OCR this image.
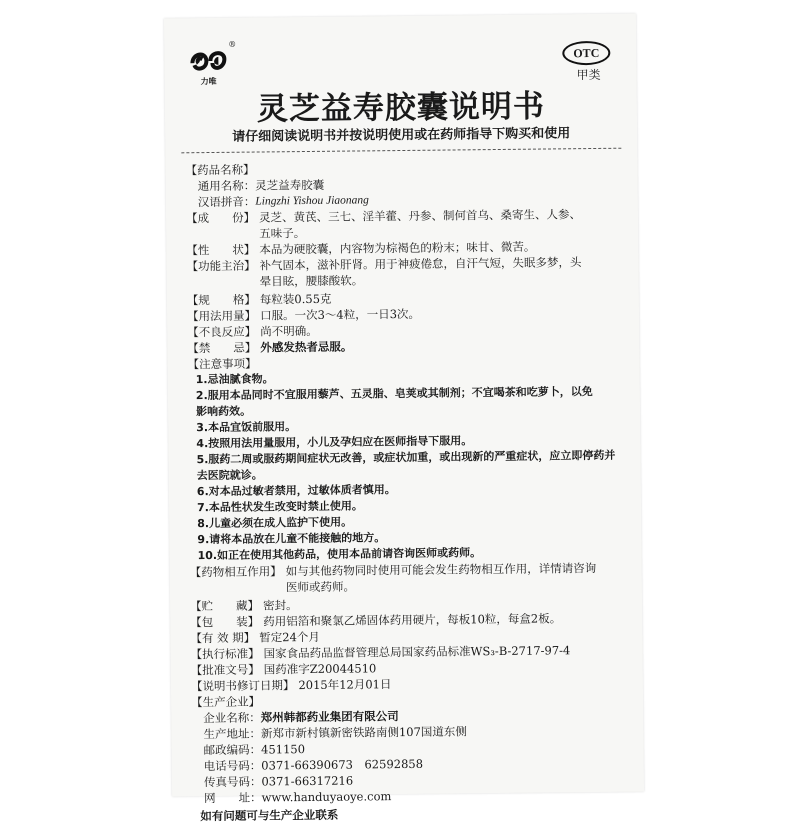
®
力唯
OTC
甲类
灵芝益寿胶囊说明书
请仔细阅读说明书并按说明使用或在药师指导下购买和使用
【药品名称】
通用名称： 灵芝益寿胶囊
汉语拼音： Lingzhi Yishou Jiaonang
【成　　份】 灵芝、黄芪、三七、淫羊藿、丹参、制何首乌、桑寄生、人参、五味子。
【性　　状】 本品为硬胶囊，内容物为棕褐色的粉末；味甘、微苦。
【功能主治】 补气固本，滋补肝肾。用于神疲倦怠，自汗气短，失眠多梦，头晕目眩，腰膝酸软。
【规　　格】 每粒装0.55克
【用法用量】 口服。一次3～4粒，一日3次。
【不良反应】 尚不明确。
【禁　　忌】 外感发热者忌服。
【注意事项】
1.忌油腻食物。
2.服用本品同时不宜服用藜芦、五灵脂、皂荚或其制剂；不宜喝茶和吃萝卜，以免影响药效。
3.本品宜饭前服用。
4.按照用法用量服用，小儿及孕妇应在医师指导下服用。
5.服药二周或服药期间症状无改善，或症状加重，或出现新的严重症状，应立即停药并去医院就诊。
6.对本品过敏者禁用，过敏体质者慎用。
7.本品性状发生改变时禁止使用。
8.儿童必须在成人监护下使用。
9.请将本品放在儿童不能接触的地方。
10.如正在使用其他药品，使用本品前请咨询医师或药师。
【药物相互作用】 如与其他药物同时使用可能会发生药物相互作用，详情请咨询医师或药师。
【贮　　藏】 密封。
【包　　装】 药用铝箔和聚氯乙烯固体药用硬片，每板10粒，每盒2板。
【有 效 期】 暂定24个月
【执行标准】 国家食品药品监督管理总局国家药品标准WS₃-B-2717-97-4
【批准文号】 国药准字Z20044510
【说明书修订日期】 2015年12月01日
【生产企业】
企业名称： 郑州韩都药业集团有限公司
生产地址： 新郑市新村镇新密铁路南侧107国道东侧
邮政编码： 451150
电话号码： 0371-66390673　62592858
传真号码： 0371-66317216
网　　址： www.handuyaoye.com
如有问题可与生产企业联系
